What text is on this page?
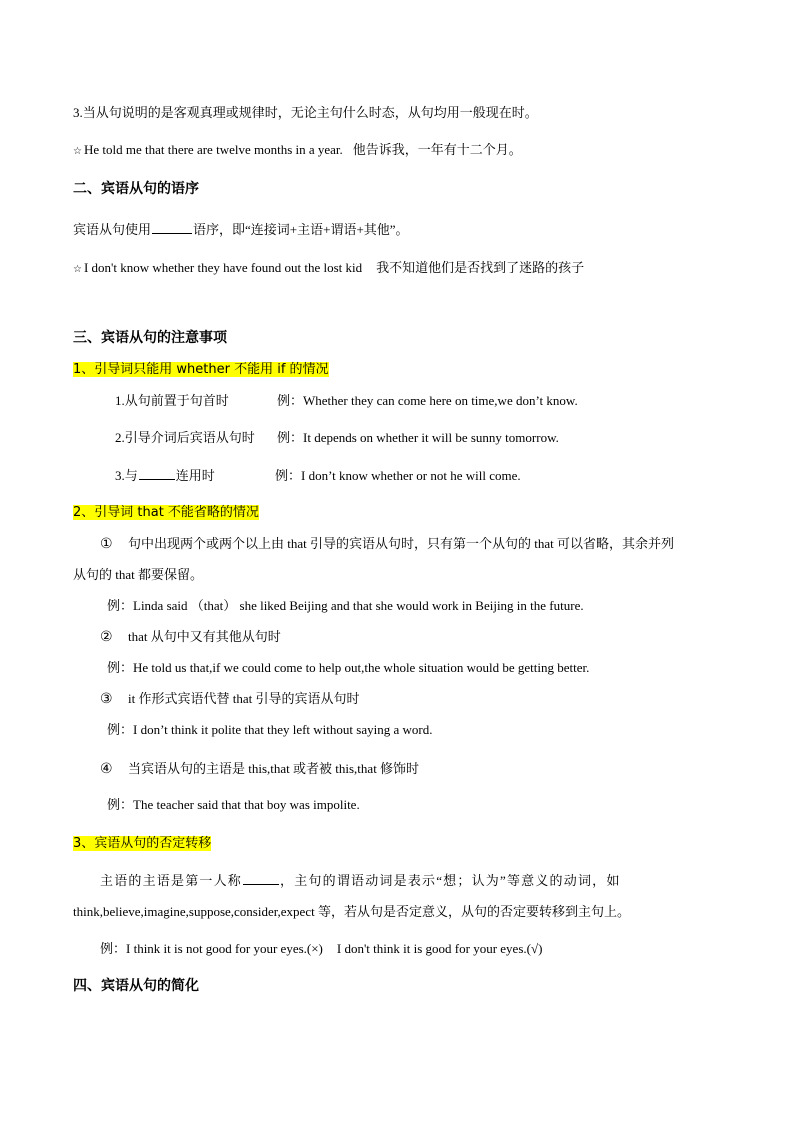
3.当从句说明的是客观真理或规律时，无论主句什么时态，从句均用一般现在时。
☆ He told me that there are twelve months in a year. 他告诉我，一年有十二个月。
二、宾语从句的语序
宾语从句使用	语序，即“连接词+主语+谓语+其他”。
☆ I don't know whether they have found out the lost kid 我不知道他们是否找到了迷路的孩子
三、宾语从句的注意事项
1、引导词只能用 whether 不能用 if 的情况
1.从句前置于句首时	例：Whether they can come here on time,we don’t know.
2.引导介词后宾语从句时 例：It depends on whether it will be sunny tomorrow.
3.与	连用时	例：I don’t know whether or not he will come.
2、引导词 that 不能省略的情况
① 句中出现两个或两个以上由 that 引导的宾语从句时，只有第一个从句的 that 可以省略，其余并列
从句的 that 都要保留。
例：Linda said （that） she liked Beijing and that she would work in Beijing in the future.
② that 从句中又有其他从句时
例：He told us that,if we could come to help out,the whole situation would be getting better.
③ it 作形式宾语代替 that 引导的宾语从句时
例：I don’t think it polite that they left without saying a word.
④ 当宾语从句的主语是 this,that 或者被 this,that 修饰时
例：The teacher said that that boy was impolite.
3、宾语从句的否定转移
主语的主语是第一人称	，主句的谓语动词是表示“想；认为”等意义的动词，如
think,believe,imagine,suppose,consider,expect 等，若从句是否定意义，从句的否定要转移到主句上。
例：I think it is not good for your eyes.(×) I don't think it is good for your eyes.(√)
四、宾语从句的简化
